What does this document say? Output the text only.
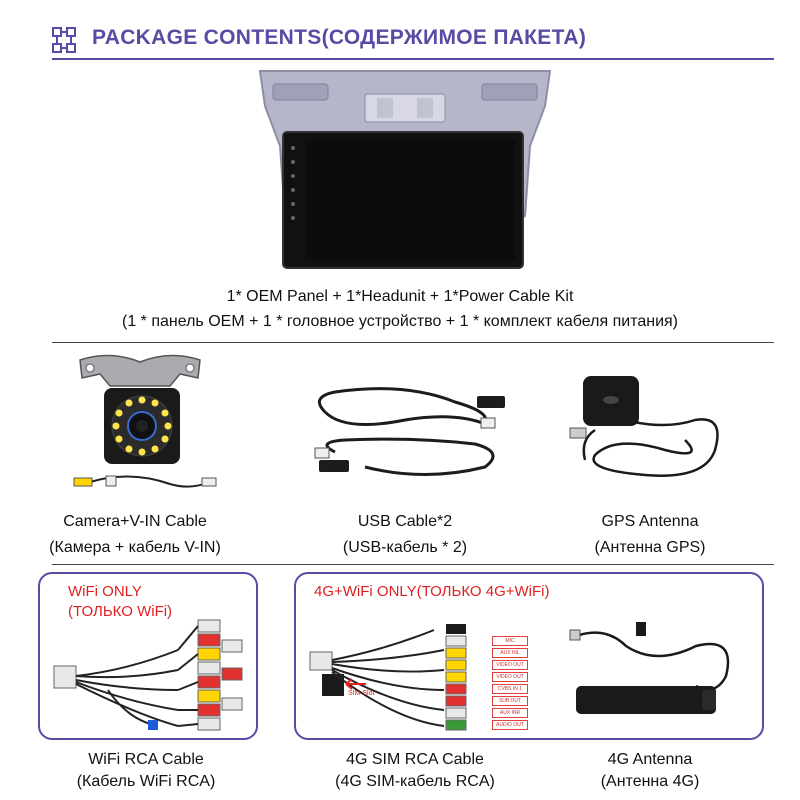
PACKAGE CONTENTS(СОДЕРЖИМОЕ ПАКЕТА)
1* OEM Panel + 1*Headunit + 1*Power Cable Kit
(1 * панель OEM + 1 * головное устройство + 1 * комплект кабеля питания)
Camera+V-IN Cable
(Камера + кабель V-IN)
USB Cable*2
(USB-кабель * 2)
GPS Antenna
(Антенна GPS)
WiFi ONLY
(ТОЛЬКО WiFi)
WiFi RCA Cable
(Кабель WiFi RCA)
4G+WiFi ONLY(ТОЛЬКО 4G+WiFi)
MIC
AUX INL
VIDEO OUT
VIDEO OUT
CVBS IN 1
SUB OUT
AUX INR
AUDIO OUT
SIM Slot
4G SIM RCA Cable
(4G SIM-кабель RCA)
4G Antenna
(Антенна 4G)
